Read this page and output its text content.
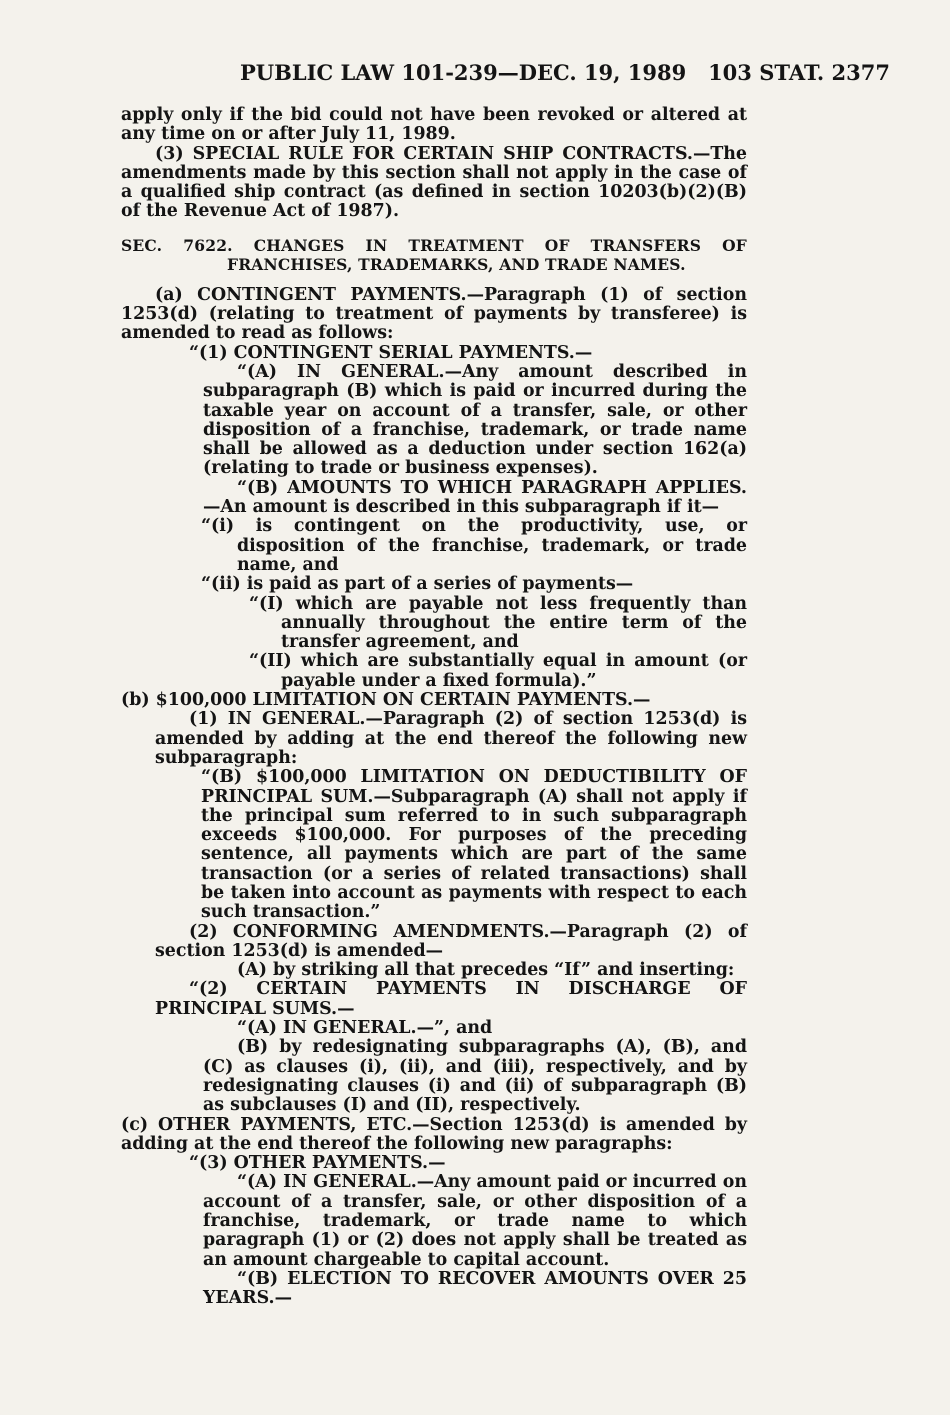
PUBLIC LAW 101-239—DEC. 19, 1989 103 STAT. 2377

apply only if the bid could not have been revoked or altered at any time on or after July 11, 1989.

(3) SPECIAL RULE FOR CERTAIN SHIP CONTRACTS.—The amendments made by this section shall not apply in the case of a qualified ship contract (as defined in section 10203(b)(2)(B) of the Revenue Act of 1987).

SEC. 7622. CHANGES IN TREATMENT OF TRANSFERS OF FRANCHISES, TRADEMARKS, AND TRADE NAMES.

(a) CONTINGENT PAYMENTS.—Paragraph (1) of section 1253(d) (relating to treatment of payments by transferee) is amended to read as follows:

“(1) CONTINGENT SERIAL PAYMENTS.—

“(A) IN GENERAL.—Any amount described in subparagraph (B) which is paid or incurred during the taxable year on account of a transfer, sale, or other disposition of a franchise, trademark, or trade name shall be allowed as a deduction under section 162(a) (relating to trade or business expenses).

“(B) AMOUNTS TO WHICH PARAGRAPH APPLIES.—An amount is described in this subparagraph if it—

“(i) is contingent on the productivity, use, or disposition of the franchise, trademark, or trade name, and

“(ii) is paid as part of a series of payments—

“(I) which are payable not less frequently than annually throughout the entire term of the transfer agreement, and

“(II) which are substantially equal in amount (or payable under a fixed formula).”

(b) $100,000 LIMITATION ON CERTAIN PAYMENTS.—

(1) IN GENERAL.—Paragraph (2) of section 1253(d) is amended by adding at the end thereof the following new subparagraph:

“(B) $100,000 LIMITATION ON DEDUCTIBILITY OF PRINCIPAL SUM.—Subparagraph (A) shall not apply if the principal sum referred to in such subparagraph exceeds $100,000. For purposes of the preceding sentence, all payments which are part of the same transaction (or a series of related transactions) shall be taken into account as payments with respect to each such transaction.”

(2) CONFORMING AMENDMENTS.—Paragraph (2) of section 1253(d) is amended—

(A) by striking all that precedes “If” and inserting:

“(2) CERTAIN PAYMENTS IN DISCHARGE OF PRINCIPAL SUMS.—

“(A) IN GENERAL.—”, and

(B) by redesignating subparagraphs (A), (B), and (C) as clauses (i), (ii), and (iii), respectively, and by redesignating clauses (i) and (ii) of subparagraph (B) as subclauses (I) and (II), respectively.

(c) OTHER PAYMENTS, ETC.—Section 1253(d) is amended by adding at the end thereof the following new paragraphs:

“(3) OTHER PAYMENTS.—

“(A) IN GENERAL.—Any amount paid or incurred on account of a transfer, sale, or other disposition of a franchise, trademark, or trade name to which paragraph (1) or (2) does not apply shall be treated as an amount chargeable to capital account.

“(B) ELECTION TO RECOVER AMOUNTS OVER 25 YEARS.—
